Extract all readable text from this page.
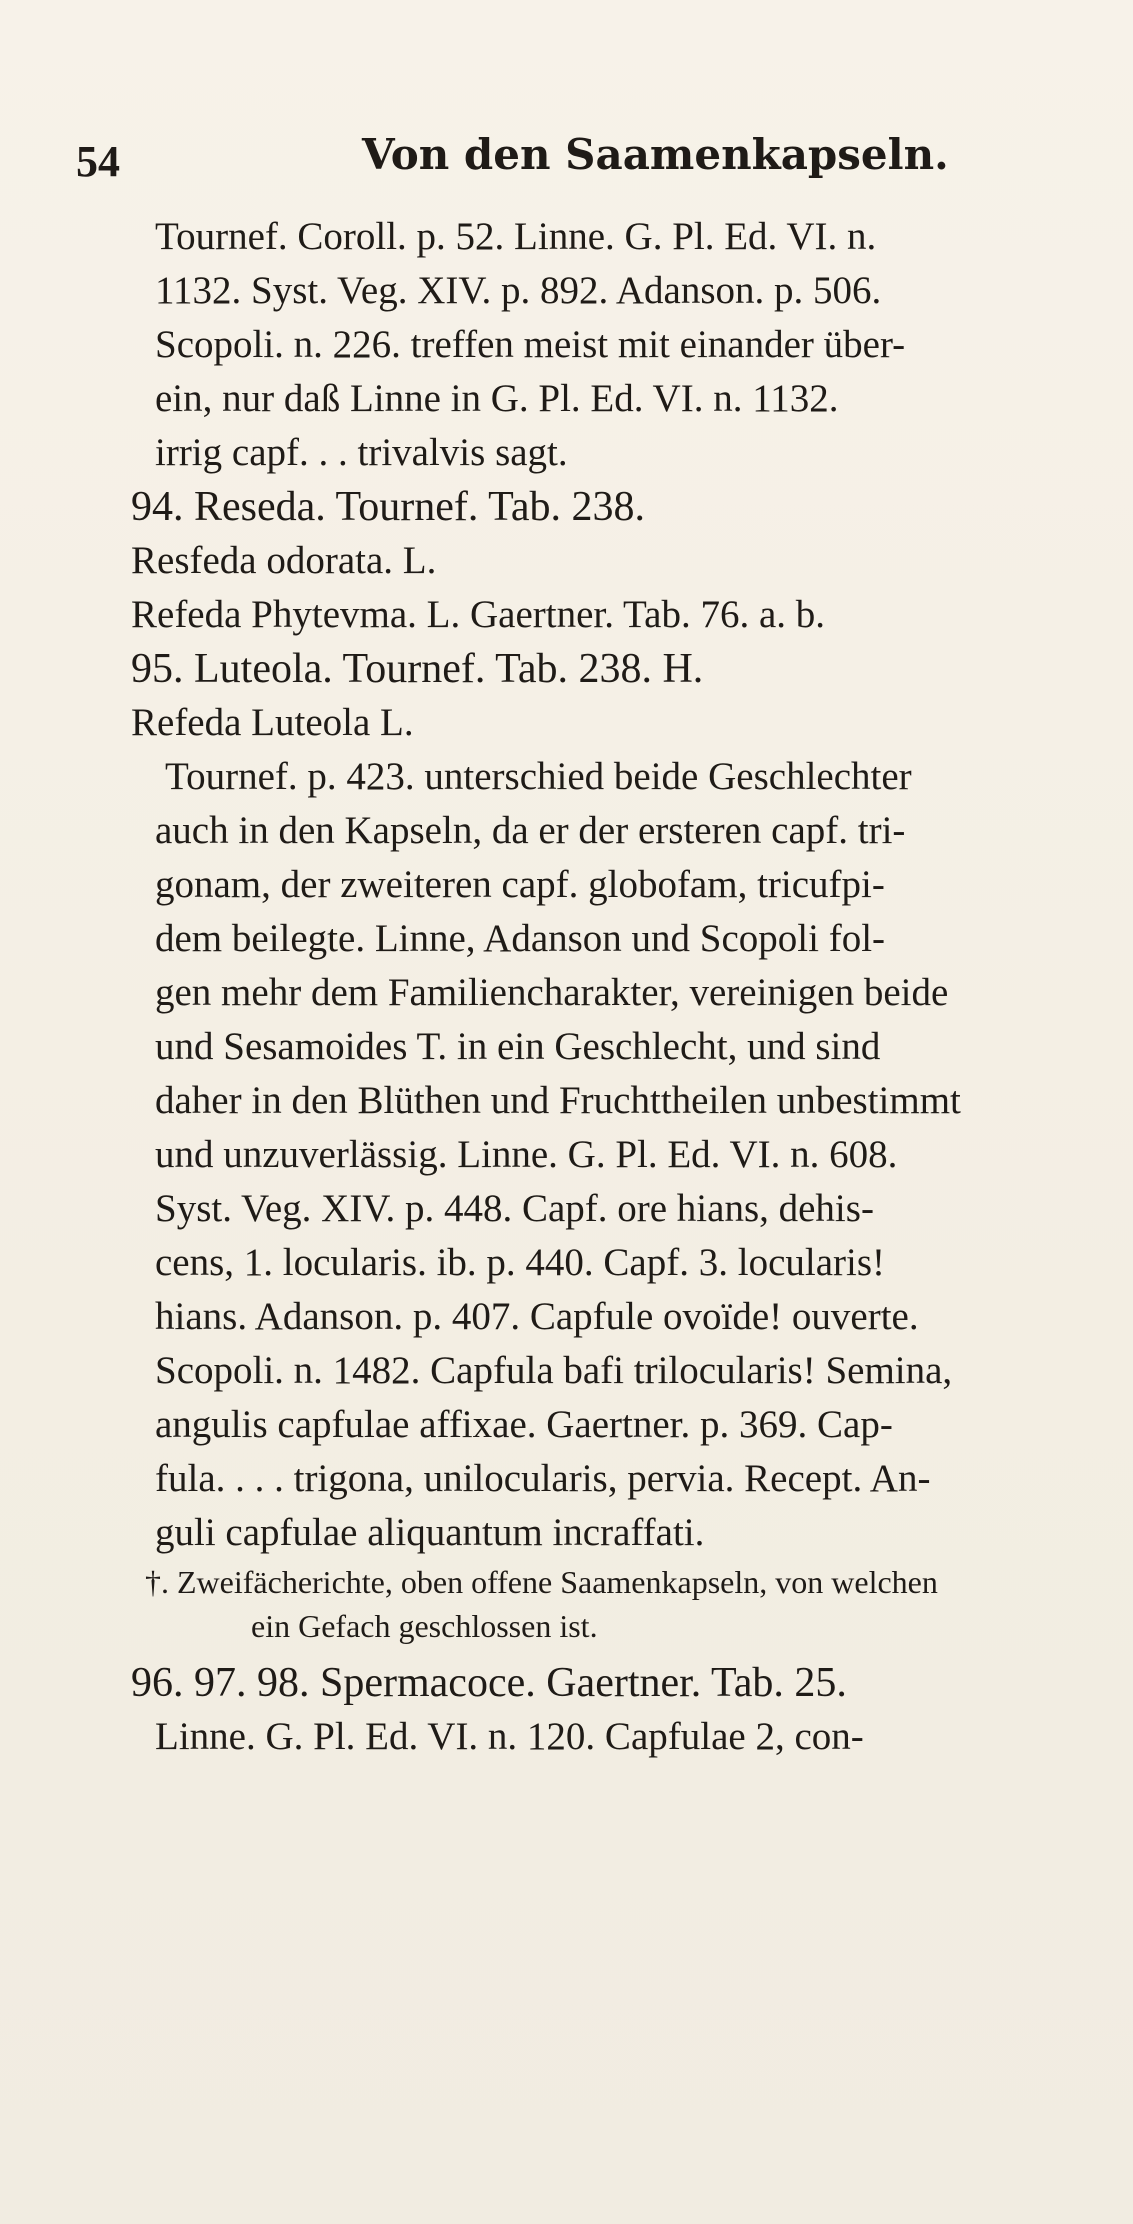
54	Von den Saamenkapseln.
Tournef. Coroll. p. 52. Linne. G. Pl. Ed. VI. n.
1132. Syst. Veg. XIV. p. 892. Adanson. p. 506.
Scopoli. n. 226. treffen meist mit einander über-
ein, nur daß Linne in G. Pl. Ed. VI. n. 1132.
irrig capf. . . trivalvis sagt.
94. Reseda. Tournef. Tab. 238.
Resfeda odorata. L.
Refeda Phytevma. L. Gaertner. Tab. 76. a. b.
95. Luteola. Tournef. Tab. 238. H.
Refeda Luteola L.
Tournef. p. 423. unterschied beide Geschlechter
auch in den Kapseln, da er der ersteren capf. tri-
gonam, der zweiteren capf. globofam, tricufpi-
dem beilegte. Linne, Adanson und Scopoli fol-
gen mehr dem Familiencharakter, vereinigen beide
und Sesamoides T. in ein Geschlecht, und sind
daher in den Blüthen und Fruchttheilen unbestimmt
und unzuverlässig. Linne. G. Pl. Ed. VI. n. 608.
Syst. Veg. XIV. p. 448. Capf. ore hians, dehis-
cens, 1. locularis. ib. p. 440. Capf. 3. locularis!
hians. Adanson. p. 407. Capfule ovoïde! ouverte.
Scopoli. n. 1482. Capfula bafi trilocularis! Semina,
angulis capfulae affixae. Gaertner. p. 369. Cap-
fula. . . . trigona, unilocularis, pervia. Recept. An-
guli capfulae aliquantum incraffati.
†. Zweifächerichte, oben offene Saamenkapseln, von welchen
ein Gefach geschlossen ist.
96. 97. 98. Spermacoce. Gaertner. Tab. 25.
Linne. G. Pl. Ed. VI. n. 120. Capfulae 2, con-
